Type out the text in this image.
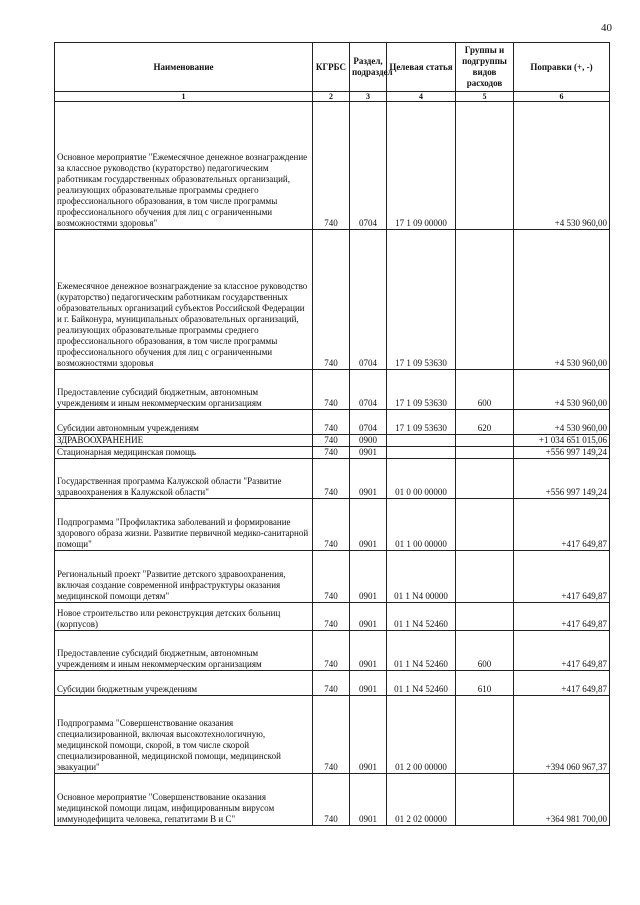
40
Наименование	КГРБС	Раздел, подраздел	Целевая статья	Группы и подгруппы видов расходов	Поправки (+, -)
1	2	3	4	5	6
Основное мероприятие "Ежемесячное денежное вознаграждение за классное руководство (кураторство) педагогическим работникам государственных образовательных организаций, реализующих образовательные программы среднего профессионального образования, в том числе программы профессионального обучения для лиц с ограниченными возможностями здоровья"	740	0704	17 1 09 00000		+4 530 960,00
Ежемесячное денежное вознаграждение за классное руководство (кураторство) педагогическим работникам государственных образовательных организаций субъектов Российской Федерации и г. Байконура, муниципальных образовательных организаций, реализующих образовательные программы среднего профессионального образования, в том числе программы профессионального обучения для лиц с ограниченными возможностями здоровья	740	0704	17 1 09 53630		+4 530 960,00
Предоставление субсидий бюджетным, автономным учреждениям и иным некоммерческим организациям	740	0704	17 1 09 53630	600	+4 530 960,00
Субсидии автономным учреждениям	740	0704	17 1 09 53630	620	+4 530 960,00
ЗДРАВООХРАНЕНИЕ	740	0900			+1 034 651 015,06
Стационарная медицинская помощь	740	0901			+556 997 149,24
Государственная программа Калужской области "Развитие здравоохранения в Калужской области"	740	0901	01 0 00 00000		+556 997 149,24
Подпрограмма "Профилактика заболеваний и формирование здорового образа жизни. Развитие первичной медико-санитарной помощи"	740	0901	01 1 00 00000		+417 649,87
Региональный проект "Развитие детского здравоохранения, включая создание современной инфраструктуры оказания медицинской помощи детям"	740	0901	01 1 N4 00000		+417 649,87
Новое строительство или реконструкция детских больниц (корпусов)	740	0901	01 1 N4 52460		+417 649,87
Предоставление субсидий бюджетным, автономным учреждениям и иным некоммерческим организациям	740	0901	01 1 N4 52460	600	+417 649,87
Субсидии бюджетным учреждениям	740	0901	01 1 N4 52460	610	+417 649,87
Подпрограмма "Совершенствование оказания специализированной, включая высокотехнологичную, медицинской помощи, скорой, в том числе скорой специализированной, медицинской помощи, медицинской эвакуации"	740	0901	01 2 00 00000		+394 060 967,37
Основное мероприятие "Совершенствование оказания медицинской помощи лицам, инфицированным вирусом иммунодефицита человека, гепатитами В и С"	740	0901	01 2 02 00000		+364 981 700,00
